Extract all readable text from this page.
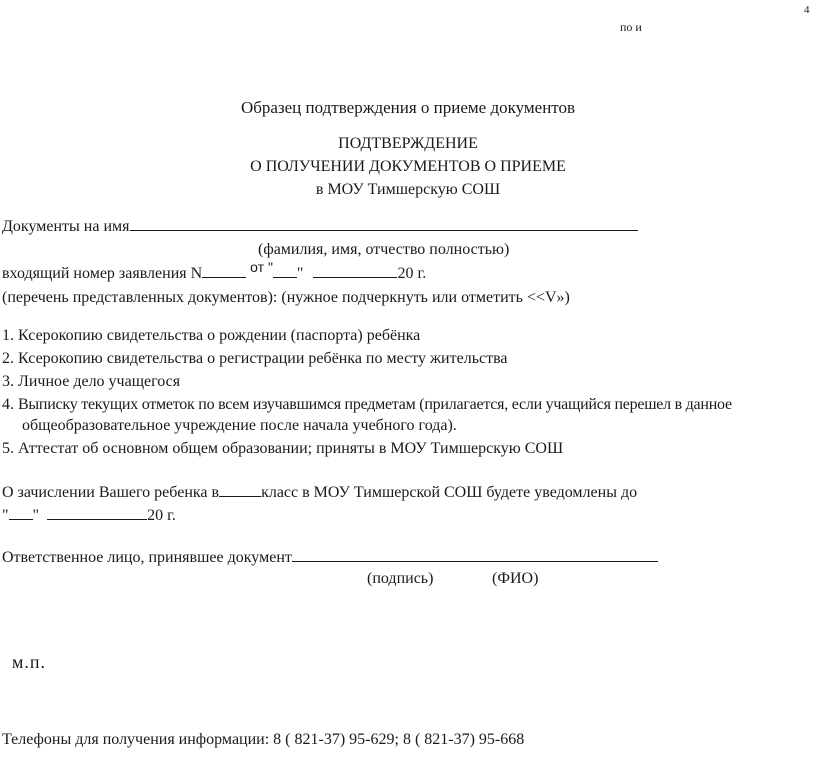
4
по и
Образец подтверждения о приеме документов
ПОДТВЕРЖДЕНИЕ
О ПОЛУЧЕНИИ ДОКУМЕНТОВ О ПРИЕМЕ
в МОУ Тимшерскую СОШ
Документы на имя
(фамилия, имя, отчество полностью)
входящий номер заявления N	от " "	20 г.
(перечень представленных документов): (нужное подчеркнуть или отметить <<V»)
1. Ксерокопию свидетельства о рождении (паспорта) ребёнка
2. Ксерокопию свидетельства о регистрации ребёнка по месту жительства
3. Личное дело учащегося
4. Выписку текущих отметок по всем изучавшимся предметам (прилагается, если учащийся перешел в данное
общеобразовательное учреждение после начала учебного года).
5. Аттестат об основном общем образовании; приняты в МОУ Тимшерскую СОШ
О зачислении Вашего ребенка в	класс в МОУ Тимшерской СОШ будете уведомлены до
" "	20 г.
Ответственное лицо, принявшее документ
(подпись)	(ФИО)
м.п.
Телефоны для получения информации: 8 ( 821-37) 95-629; 8 ( 821-37) 95-668
